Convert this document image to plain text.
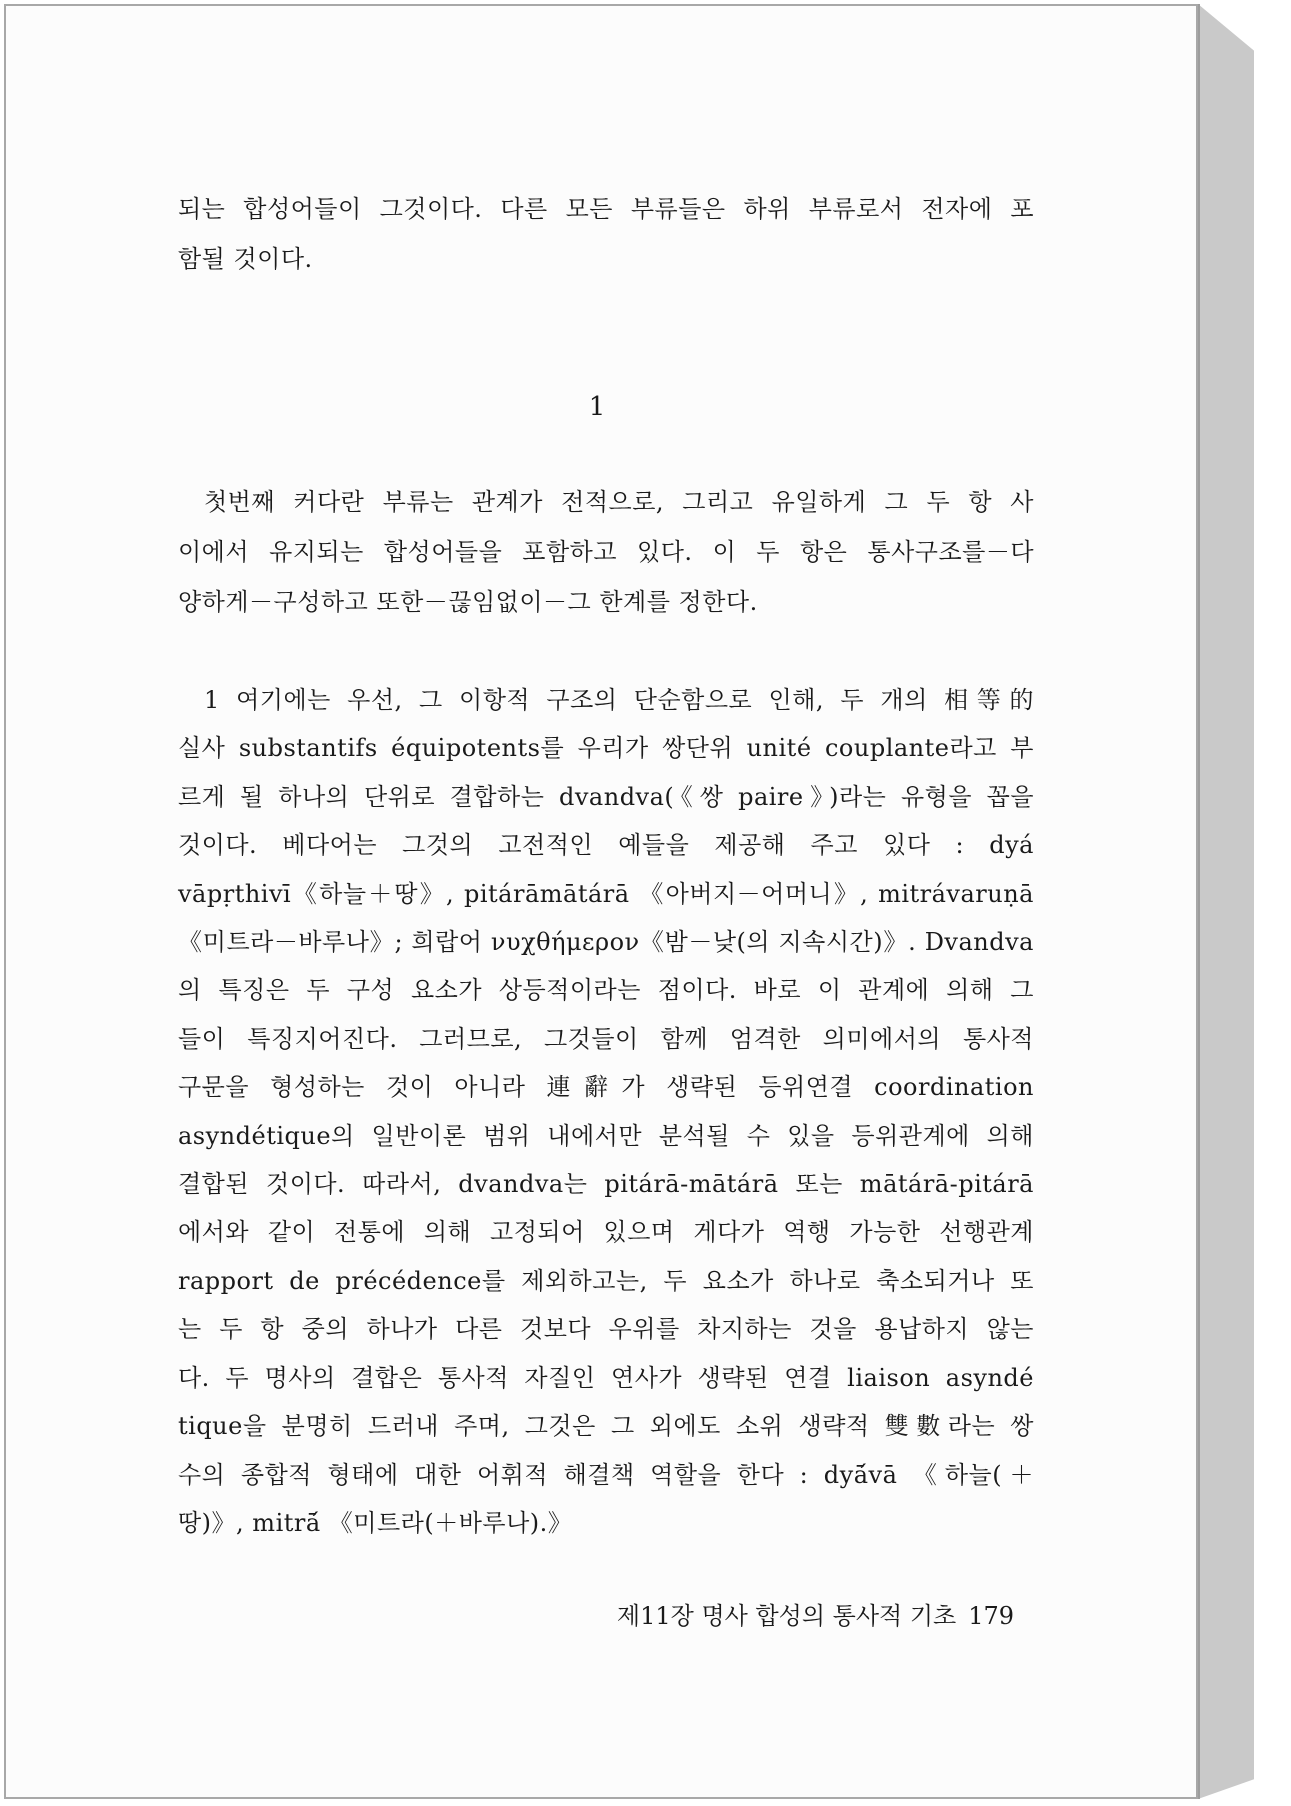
되는 합성어들이 그것이다. 다른 모든 부류들은 하위 부류로서 전자에 포
함될 것이다.
1
첫번째 커다란 부류는 관계가 전적으로, 그리고 유일하게 그 두 항 사
이에서 유지되는 합성어들을 포함하고 있다. 이 두 항은 통사구조를－다
양하게－구성하고 또한－끊임없이－그 한계를 정한다.
1 여기에는 우선, 그 이항적 구조의 단순함으로 인해, 두 개의 相等的
실사 substantifs équipotents를 우리가 쌍단위 unité couplante라고 부
르게 될 하나의 단위로 결합하는 dvandva(《쌍 paire》)라는 유형을 꼽을
것이다. 베다어는 그것의 고전적인 예들을 제공해 주고 있다 : dyá
vāpṛthivī《하늘＋땅》, pitárāmātárā 《아버지－어머니》, mitrávaruṇā
《미트라－바루나》; 희랍어 νυχθήμερον《밤－낮(의 지속시간)》. Dvandva
의 특징은 두 구성 요소가 상등적이라는 점이다. 바로 이 관계에 의해 그
들이 특징지어진다. 그러므로, 그것들이 함께 엄격한 의미에서의 통사적
구문을 형성하는 것이 아니라 連辭가 생략된 등위연결 coordination
asyndétique의 일반이론 범위 내에서만 분석될 수 있을 등위관계에 의해
결합된 것이다. 따라서, dvandva는 pitárā-mātárā 또는 mātárā-pitárā
에서와 같이 전통에 의해 고정되어 있으며 게다가 역행 가능한 선행관계
rapport de précédence를 제외하고는, 두 요소가 하나로 축소되거나 또
는 두 항 중의 하나가 다른 것보다 우위를 차지하는 것을 용납하지 않는
다. 두 명사의 결합은 통사적 자질인 연사가 생략된 연결 liaison asyndé
tique을 분명히 드러내 주며, 그것은 그 외에도 소위 생략적 雙數라는 쌍
수의 종합적 형태에 대한 어휘적 해결책 역할을 한다 : dyā́vā 《하늘(＋
땅)》, mitrā́ 《미트라(＋바루나).》
제11장 명사 합성의 통사적 기초 179
